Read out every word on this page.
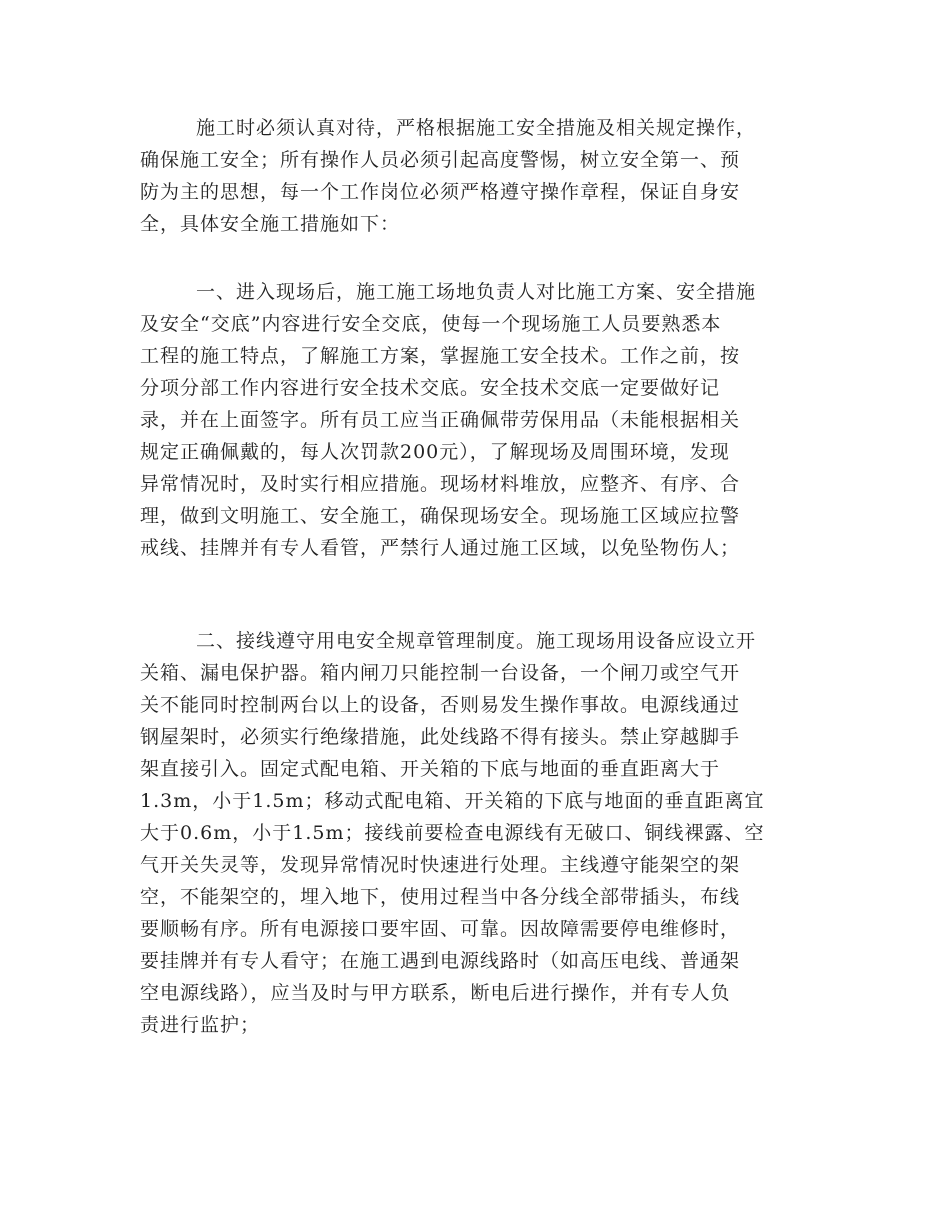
施工时必须认真对待，严格根据施工安全措施及相关规定操作，
确保施工安全；所有操作人员必须引起高度警惕，树立安全第一、预
防为主的思想，每一个工作岗位必须严格遵守操作章程，保证自身安
全，具体安全施工措施如下：
一、进入现场后，施工施工场地负责人对比施工方案、安全措施
及安全“交底”内容进行安全交底，使每一个现场施工人员要熟悉本
工程的施工特点，了解施工方案，掌握施工安全技术。工作之前，按
分项分部工作内容进行安全技术交底。安全技术交底一定要做好记
录，并在上面签字。所有员工应当正确佩带劳保用品（未能根据相关
规定正确佩戴的，每人次罚款200元），了解现场及周围环境，发现
异常情况时，及时实行相应措施。现场材料堆放，应整齐、有序、合
理，做到文明施工、安全施工，确保现场安全。现场施工区域应拉警
戒线、挂牌并有专人看管，严禁行人通过施工区域，以免坠物伤人；
二、接线遵守用电安全规章管理制度。施工现场用设备应设立开
关箱、漏电保护器。箱内闸刀只能控制一台设备，一个闸刀或空气开
关不能同时控制两台以上的设备，否则易发生操作事故。电源线通过
钢屋架时，必须实行绝缘措施，此处线路不得有接头。禁止穿越脚手
架直接引入。固定式配电箱、开关箱的下底与地面的垂直距离大于
1.3m，小于1.5m；移动式配电箱、开关箱的下底与地面的垂直距离宜
大于0.6m，小于1.5m；接线前要检查电源线有无破口、铜线裸露、空
气开关失灵等，发现异常情况时快速进行处理。主线遵守能架空的架
空，不能架空的，埋入地下，使用过程当中各分线全部带插头，布线
要顺畅有序。所有电源接口要牢固、可靠。因故障需要停电维修时，
要挂牌并有专人看守；在施工遇到电源线路时（如高压电线、普通架
空电源线路），应当及时与甲方联系，断电后进行操作，并有专人负
责进行监护；
